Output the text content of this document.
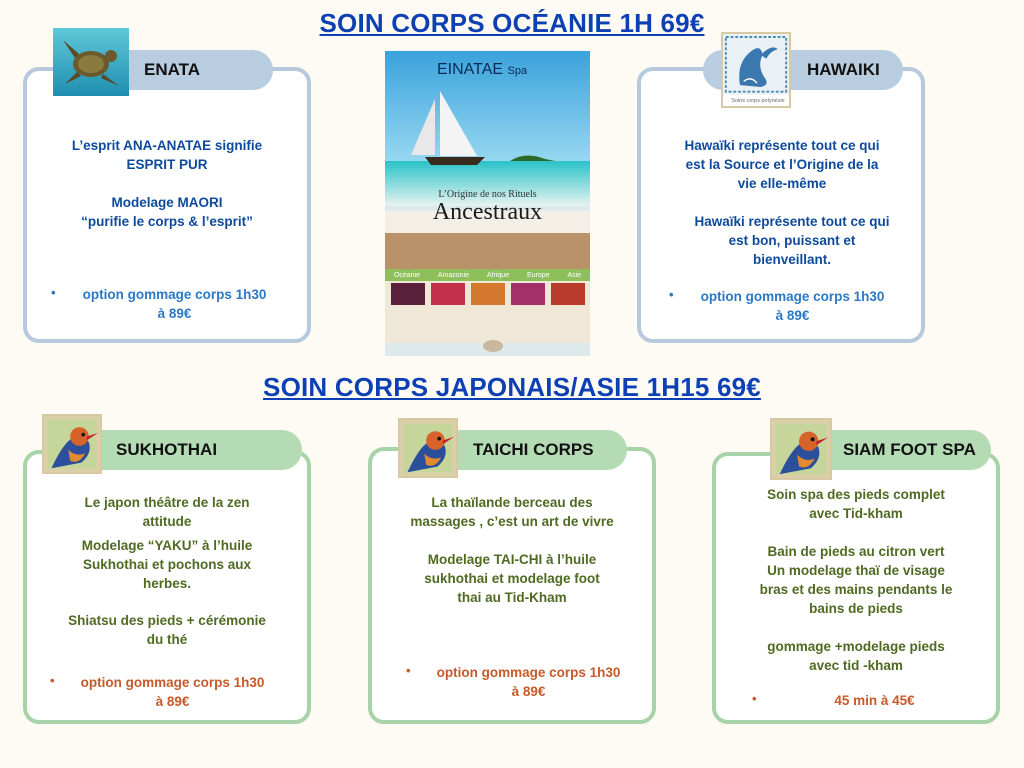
SOIN CORPS OCÉANIE 1H 69€
SOIN CORPS JAPONAIS/ASIE 1H15 69€
ENATA
L’esprit ANA-ANATAE signifie
ESPRIT PUR
Modelage MAORI
“purifie le corps & l’esprit”
•	option gommage corps 1h30
à 89€
EINATAE Spa
L’Origine de nos Rituels
Ancestraux
Océanie	Amazonie	Afrique	Europe	Asie
HAWAIKI
Soins corps polynésie
Hawaïki représente tout ce qui
est la Source et l’Origine de la
vie elle-même
Hawaïki représente tout ce qui
est bon, puissant et
bienveillant.
•	option gommage corps 1h30
à 89€
SUKHOTHAI
Le japon théâtre de la zen
attitude
Modelage “YAKU” à l’huile
Sukhothai et pochons aux
herbes.
Shiatsu des pieds + cérémonie
du thé
•	option gommage corps 1h30
à 89€
TAICHI CORPS
La thaïlande berceau des
massages , c’est un art de vivre
Modelage TAI-CHI à l’huile
sukhothai et modelage foot
thai au Tid-Kham
•	option gommage corps 1h30
à 89€
SIAM FOOT SPA
Soin spa des pieds complet
avec Tid-kham
Bain de pieds au citron vert
Un modelage thaï de visage
bras et des mains pendants le
bains de pieds
gommage +modelage pieds
avec tid -kham
•	45 min à 45€
